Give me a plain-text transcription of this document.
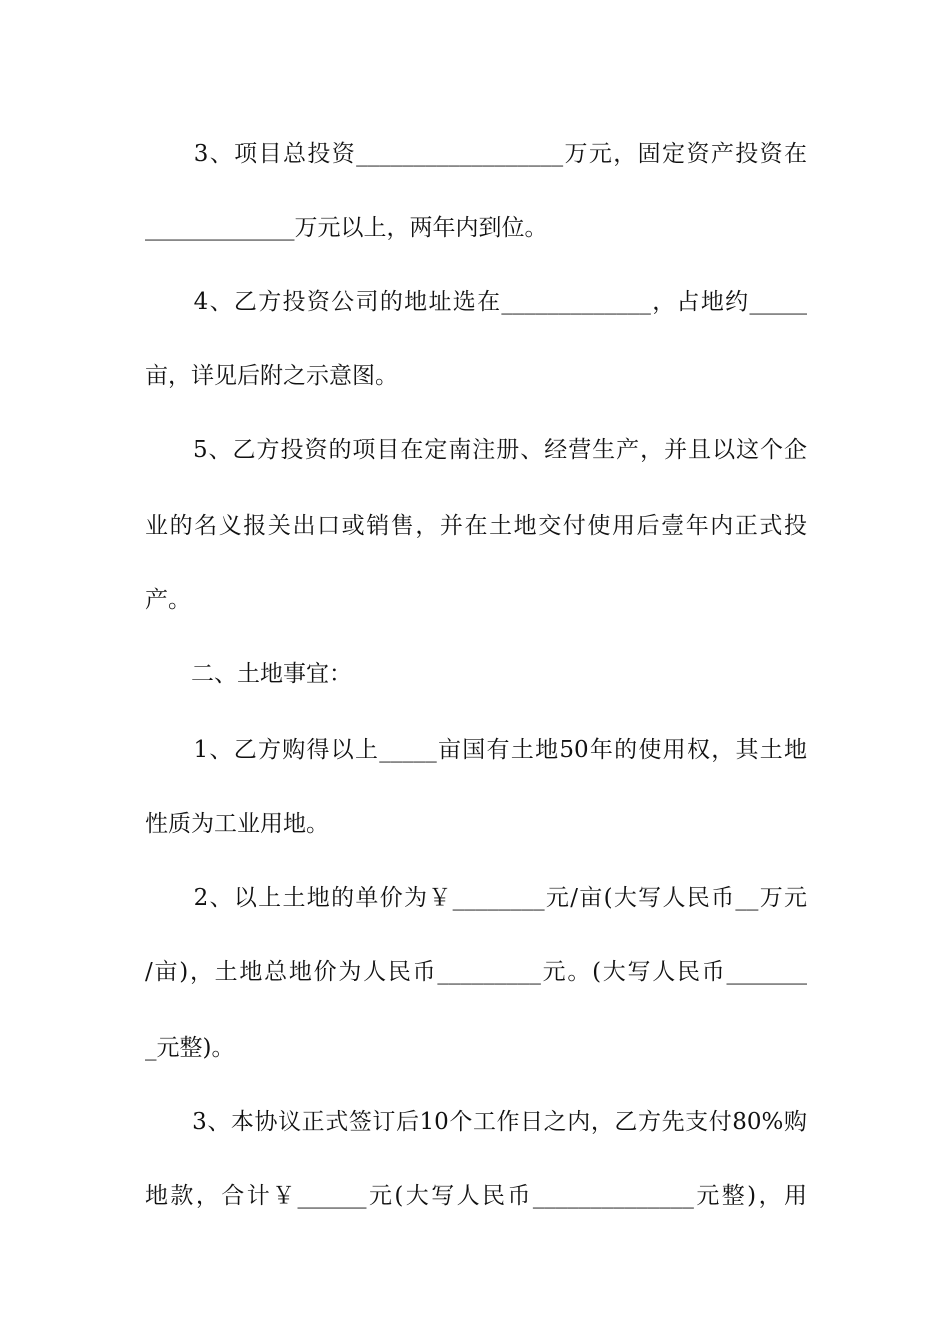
　　3、项目总投资__________________万元，固定资产投资在
_____________万元以上，两年内到位。
　　4、乙方投资公司的地址选在_____________，占地约_____
亩，详见后附之示意图。
　　5、乙方投资的项目在定南注册、经营生产，并且以这个企
业的名义报关出口或销售，并在土地交付使用后壹年内正式投
产。
　　二、土地事宜：
　　1、乙方购得以上_____亩国有土地50年的使用权，其土地
性质为工业用地。
　　2、以上土地的单价为￥________元/亩(大写人民币__万元
/亩)，土地总地价为人民币_________元。(大写人民币_______
_元整)。
　　3、本协议正式签订后10个工作日之内，乙方先支付80%购
地款，合计￥______元(大写人民币______________元整)，用
